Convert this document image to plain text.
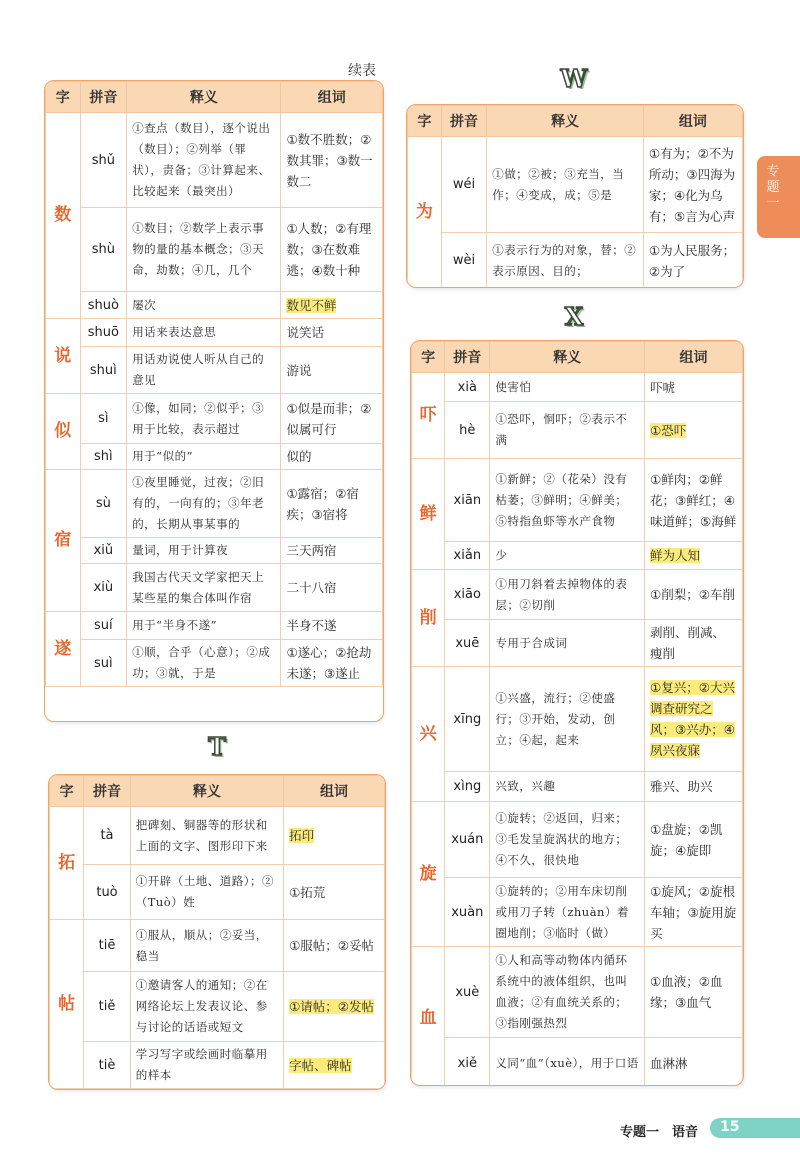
续表	W
X
T
字	拼音	释义	组词
数	shǔ	①查点（数目），逐个说出（数目）；②列举（罪状），责备；③计算起来、比较起来（最突出）	①数不胜数；②数其罪；③数一数二
	shù	①数目；②数学上表示事物的量的基本概念；③天命，劫数；④几，几个	①人数；②有理数；③在数难逃；④数十种
	shuò	屡次	数见不鲜
说	shuō	用话来表达意思	说笑话
	shuì	用话劝说使人听从自己的意见	游说
似	sì	①像，如同；②似乎；③用于比较，表示超过	①似是而非；②似属可行
	shì	用于“似的”	似的
宿	sù	①夜里睡觉，过夜；②旧有的，一向有的；③年老的，长期从事某事的	①露宿；②宿疾；③宿将
	xiǔ	量词，用于计算夜	三天两宿
	xiù	我国古代天文学家把天上某些星的集合体叫作宿	二十八宿
遂	suí	用于“半身不遂”	半身不遂
	suì	①顺，合乎（心意）；②成功；③就，于是	①遂心；②抢劫未遂；③遂止
字	拼音	释义	组词
拓	tà	把碑刻、铜器等的形状和上面的文字、图形印下来	拓印
	tuò	①开辟（土地、道路）；②（Tuò）姓	①拓荒
帖	tiē	①服从，顺从；②妥当，稳当	①服帖；②妥帖
	tiě	①邀请客人的通知；②在网络论坛上发表议论、参与讨论的话语或短文	①请帖；②发帖
	tiè	学习写字或绘画时临摹用的样本	字帖、碑帖
字	拼音	释义	组词
为	wéi	①做；②被；③充当，当作；④变成，成；⑤是	①有为；②不为所动；③四海为家；④化为乌有；⑤言为心声
	wèi	①表示行为的对象，替；②表示原因、目的；	①为人民服务；②为了
字	拼音	释义	组词
吓	xià	使害怕	吓唬
	hè	①恐吓，恫吓；②表示不满	①恐吓
鲜	xiān	①新鲜；②（花朵）没有枯萎；③鲜明；④鲜美；⑤特指鱼虾等水产食物	①鲜肉；②鲜花；③鲜红；④味道鲜；⑤海鲜
	xiǎn	少	鲜为人知
削	xiāo	①用刀斜着去掉物体的表层；②切削	①削梨；②车削
	xuē	专用于合成词	剥削、削减、瘦削
兴	xīng	①兴盛，流行；②使盛行；③开始，发动，创立；④起，起来	①复兴；②大兴调查研究之风；③兴办；④夙兴夜寐
	xìng	兴致，兴趣	雅兴、助兴
旋	xuán	①旋转；②返回，归来；③毛发呈旋涡状的地方；④不久，很快地	①盘旋；②凯旋；④旋即
	xuàn	①旋转的；②用车床切削或用刀子转（zhuàn）着圈地削；③临时（做）	①旋风；②旋根车轴；③旋用旋买
血	xuè	①人和高等动物体内循环系统中的液体组织，也叫血液；②有血统关系的；③指刚强热烈	①血液；②血缘；③血气
	xiě	义同“血”（xuè），用于口语	血淋淋
专题一
专题一　语音 15
